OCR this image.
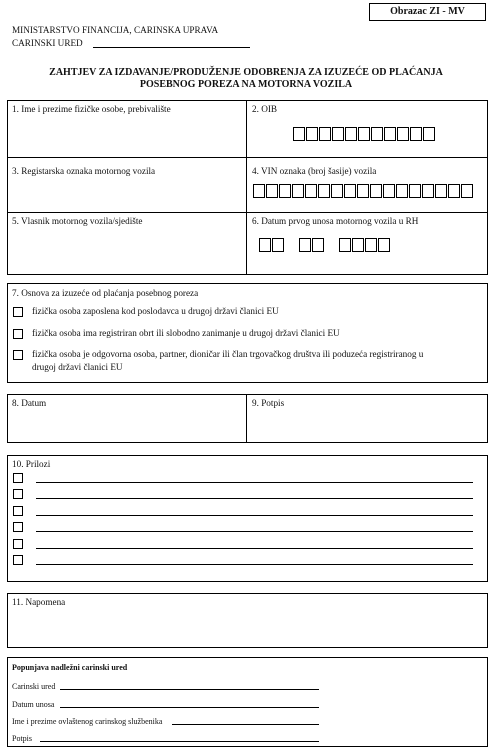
Obrazac ZI - MV
MINISTARSTVO FINANCIJA, CARINSKA UPRAVA
CARINSKI URED
ZAHTJEV ZA IZDAVANJE/PRODUŽENJE ODOBRENJA ZA IZUZEĆE OD PLAĆANJA
POSEBNOG POREZA NA MOTORNA VOZILA
1. Ime i prezime fizičke osobe, prebivalište	2. OIB
3. Registarska oznaka motornog vozila	4. VIN oznaka (broj šasije) vozila
5. Vlasnik motornog vozila/sjedište	6. Datum prvog unosa motornog vozila u RH
7. Osnova za izuzeće od plaćanja posebnog poreza
fizička osoba zaposlena kod poslodavca u drugoj državi članici EU
fizička osoba ima registriran obrt ili slobodno zanimanje u drugoj državi članici EU
fizička osoba je odgovorna osoba, partner, dioničar ili član trgovačkog društva ili poduzeća registriranog u
drugoj državi članici EU
8. Datum	9. Potpis
10. Prilozi
11. Napomena
Popunjava nadležni carinski ured
Carinski ured
Datum unosa
Ime i prezime ovlaštenog carinskog službenika
Potpis
